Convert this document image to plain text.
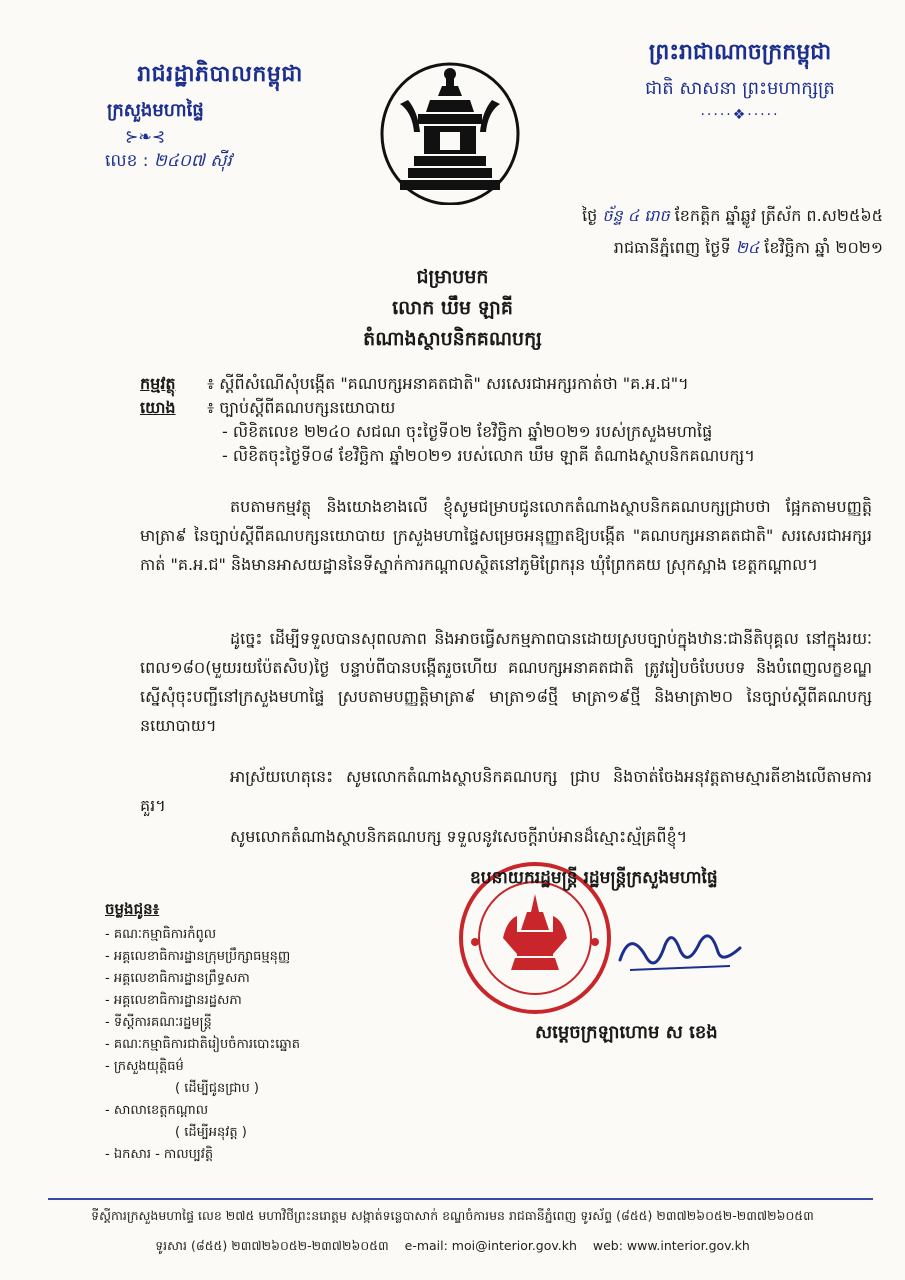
រាជរដ្ឋាភិបាលកម្ពុជា
ក្រសួងមហាផ្ទៃ
⊱❧⊰
លេខ : ២៤០៧ ស៊ីវ
ព្រះរាជាណាចក្រកម្ពុជា
ជាតិ សាសនា ព្រះមហាក្សត្រ
·····❖·····
ថ្ងៃ ច័ន្ទ ៤ រោច ខែកត្តិក ឆ្នាំឆ្លូវ ត្រីស័ក ព.ស២៥៦៥
រាជធានីភ្នំពេញ ថ្ងៃទី ២៤ ខែវិច្ឆិកា ឆ្នាំ ២០២១
ជម្រាបមក
លោក ឃឹម ឡាគី
តំណាងស្ថាបនិកគណបក្ស
កម្មវត្ថុ ៖ ស្តីពីសំណើសុំបង្កើត "គណបក្សអនាគតជាតិ" សរសេរជាអក្សរកាត់ថា "គ.អ.ជ"។
យោង ៖ ច្បាប់ស្តីពីគណបក្សនយោបាយ
- លិខិតលេខ ២២៤០ សជណ ចុះថ្ងៃទី០២ ខែវិច្ឆិកា ឆ្នាំ២០២១ របស់ក្រសួងមហាផ្ទៃ
- លិខិតចុះថ្ងៃទី០៨ ខែវិច្ឆិកា ឆ្នាំ២០២១ របស់លោក ឃឹម ឡាគី តំណាងស្ថាបនិកគណបក្ស។

តបតាមកម្មវត្ថុ និងយោងខាងលើ ខ្ញុំសូមជម្រាបជូនលោកតំណាងស្ថាបនិកគណបក្សជ្រាបថា ផ្អែកតាមបញ្ញត្តិមាត្រា៩ នៃច្បាប់ស្តីពីគណបក្សនយោបាយ ក្រសួងមហាផ្ទៃសម្រេចអនុញ្ញាតឱ្យបង្កើត "គណបក្សអនាគតជាតិ" សរសេរជាអក្សរកាត់ "គ.អ.ជ" និងមានអាសយដ្ឋាននៃទីស្នាក់ការកណ្តាលស្ថិតនៅភូមិព្រែករុន ឃុំព្រែកគយ ស្រុកស្អាង ខេត្តកណ្តាល។

ដូច្នេះ ដើម្បីទទួលបានសុពលភាព និងអាចធ្វើសកម្មភាពបានដោយស្របច្បាប់ក្នុងឋានៈជានីតិបុគ្គល នៅក្នុងរយៈពេល១៨០(មួយរយប៉ែតសិប)ថ្ងៃ បន្ទាប់ពីបានបង្កើតរួចហើយ គណបក្សអនាគតជាតិ ត្រូវរៀបចំបែបបទ និងបំពេញលក្ខខណ្ឌស្នើសុំចុះបញ្ជីនៅក្រសួងមហាផ្ទៃ ស្របតាមបញ្ញត្តិមាត្រា៩ មាត្រា១៨ថ្មី មាត្រា១៩ថ្មី និងមាត្រា២០ នៃច្បាប់ស្តីពីគណបក្សនយោបាយ។

អាស្រ័យហេតុនេះ សូមលោកតំណាងស្ថាបនិកគណបក្ស ជ្រាប និងចាត់ចែងអនុវត្តតាមស្មារតីខាងលើតាមការគួរ។

សូមលោកតំណាងស្ថាបនិកគណបក្ស ទទួលនូវសេចក្តីរាប់អានដ៏ស្មោះស្ម័គ្រពីខ្ញុំ។

ឧបនាយករដ្ឋមន្ត្រី រដ្ឋមន្ត្រីក្រសួងមហាផ្ទៃ
សម្តេចក្រឡាហោម ស ខេង
ចម្លងជូន៖
- គណៈកម្មាធិការកំពូល
- អគ្គលេខាធិការដ្ឋានក្រុមប្រឹក្សាធម្មនុញ្ញ
- អគ្គលេខាធិការដ្ឋានព្រឹទ្ធសភា
- អគ្គលេខាធិការដ្ឋានរដ្ឋសភា
- ទីស្តីការគណៈរដ្ឋមន្ត្រី
- គណៈកម្មាធិការជាតិរៀបចំការបោះឆ្នោត
- ក្រសួងយុត្តិធម៌
( ដើម្បីជូនជ្រាប )
- សាលាខេត្តកណ្តាល
( ដើម្បីអនុវត្ត )
- ឯកសារ - កាលប្បវត្តិ
ទីស្តីការក្រសួងមហាផ្ទៃ លេខ ២៧៥ មហាវិថីព្រះនរោត្តម សង្កាត់ទន្លេបាសាក់ ខណ្ឌចំការមន រាជធានីភ្នំពេញ ទូរស័ព្ទ (៨៥៥) ២៣៧២៦០៥២-២៣៧២៦០៥៣
ទូរសារ (៨៥៥) ២៣៧២៦០៥២-២៣៧២៦០៥៣ e-mail: moi@interior.gov.kh web: www.interior.gov.kh
